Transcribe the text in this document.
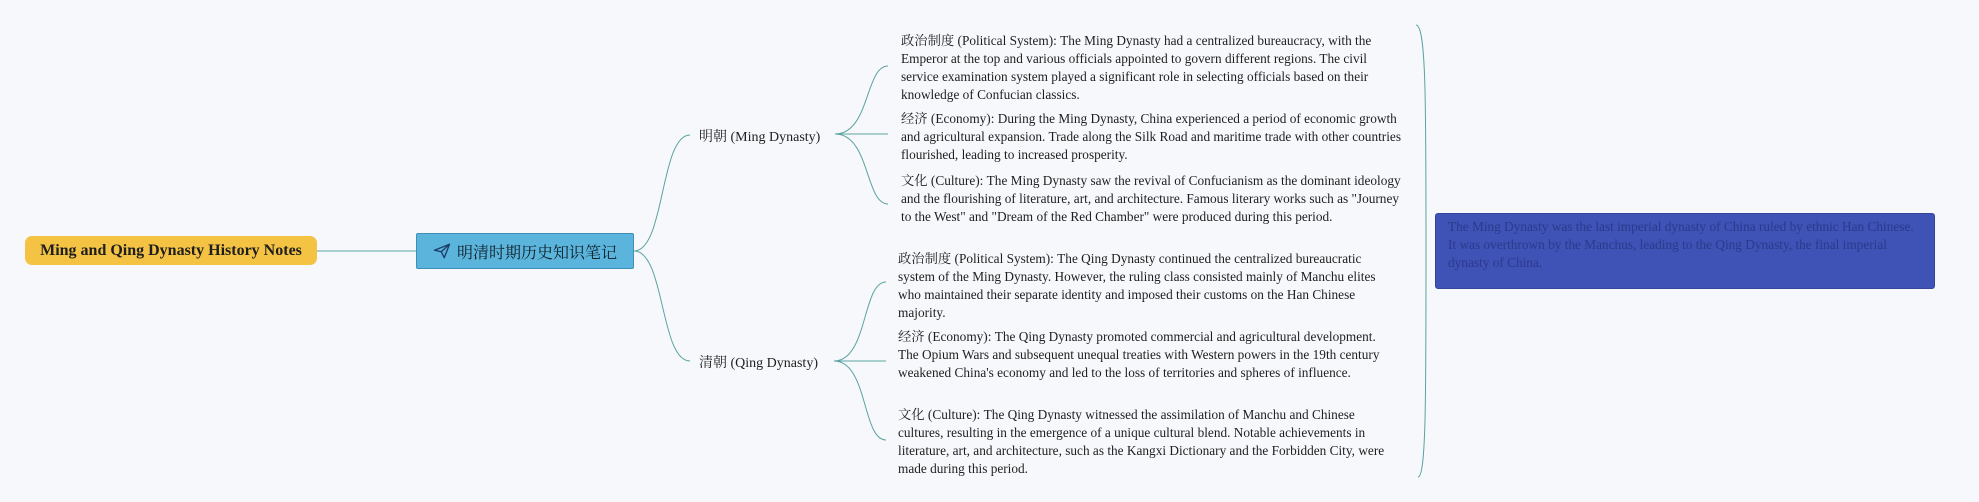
Ming and Qing Dynasty History Notes	明清时期历史知识笔记
明朝 (Ming Dynasty)
清朝 (Qing Dynasty)
政治制度 (Political System): The Ming Dynasty had a centralized bureaucracy, with the Emperor at the top and various officials appointed to govern different regions. The civil service examination system played a significant role in selecting officials based on their knowledge of Confucian classics.
经济 (Economy): During the Ming Dynasty, China experienced a period of economic growth and agricultural expansion. Trade along the Silk Road and maritime trade with other countries flourished, leading to increased prosperity.
文化 (Culture): The Ming Dynasty saw the revival of Confucianism as the dominant ideology and the flourishing of literature, art, and architecture. Famous literary works such as "Journey to the West" and "Dream of the Red Chamber" were produced during this period.
政治制度 (Political System): The Qing Dynasty continued the centralized bureaucratic system of the Ming Dynasty. However, the ruling class consisted mainly of Manchu elites who maintained their separate identity and imposed their customs on the Han Chinese majority.
经济 (Economy): The Qing Dynasty promoted commercial and agricultural development. The Opium Wars and subsequent unequal treaties with Western powers in the 19th century weakened China's economy and led to the loss of territories and spheres of influence.
文化 (Culture): The Qing Dynasty witnessed the assimilation of Manchu and Chinese cultures, resulting in the emergence of a unique cultural blend. Notable achievements in literature, art, and architecture, such as the Kangxi Dictionary and the Forbidden City, were made during this period.
The Ming Dynasty was the last imperial dynasty of China ruled by ethnic Han Chinese. It was overthrown by the Manchus, leading to the Qing Dynasty, the final imperial dynasty of China.
